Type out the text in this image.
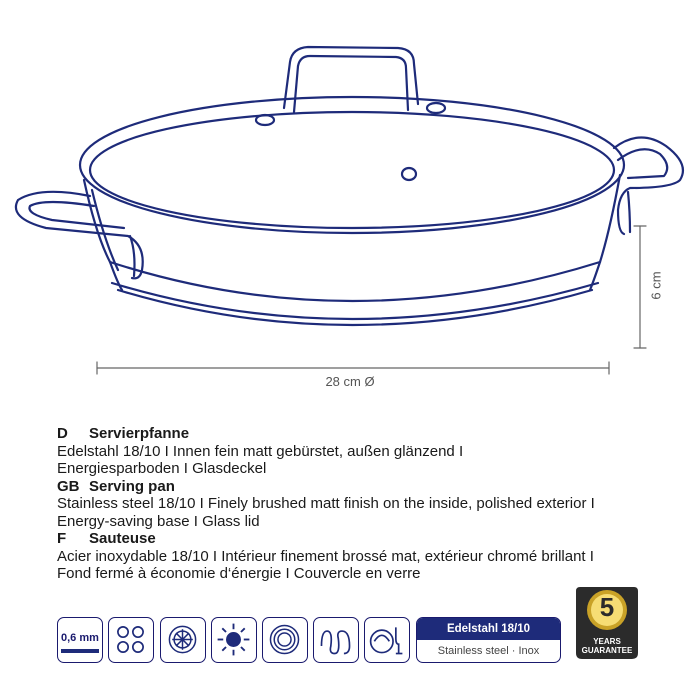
28 cm Ø
6 cm
D Servierpfanne
Edelstahl 18/10 I Innen fein matt gebürstet, außen glänzend I
Energiesparboden I Glasdeckel
GB Serving pan
Stainless steel 18/10 I Finely brushed matt finish on the inside, polished exterior I
Energy-saving base I Glass lid
F Sauteuse
Acier inoxydable 18/10 I Intérieur finement brossé mat, extérieur chromé brillant I
Fond fermé à économie d‘énergie I Couvercle en verre
0,6 mm
Edelstahl 18/10
Stainless steel · Inox
5
YEARS
GUARANTEE
